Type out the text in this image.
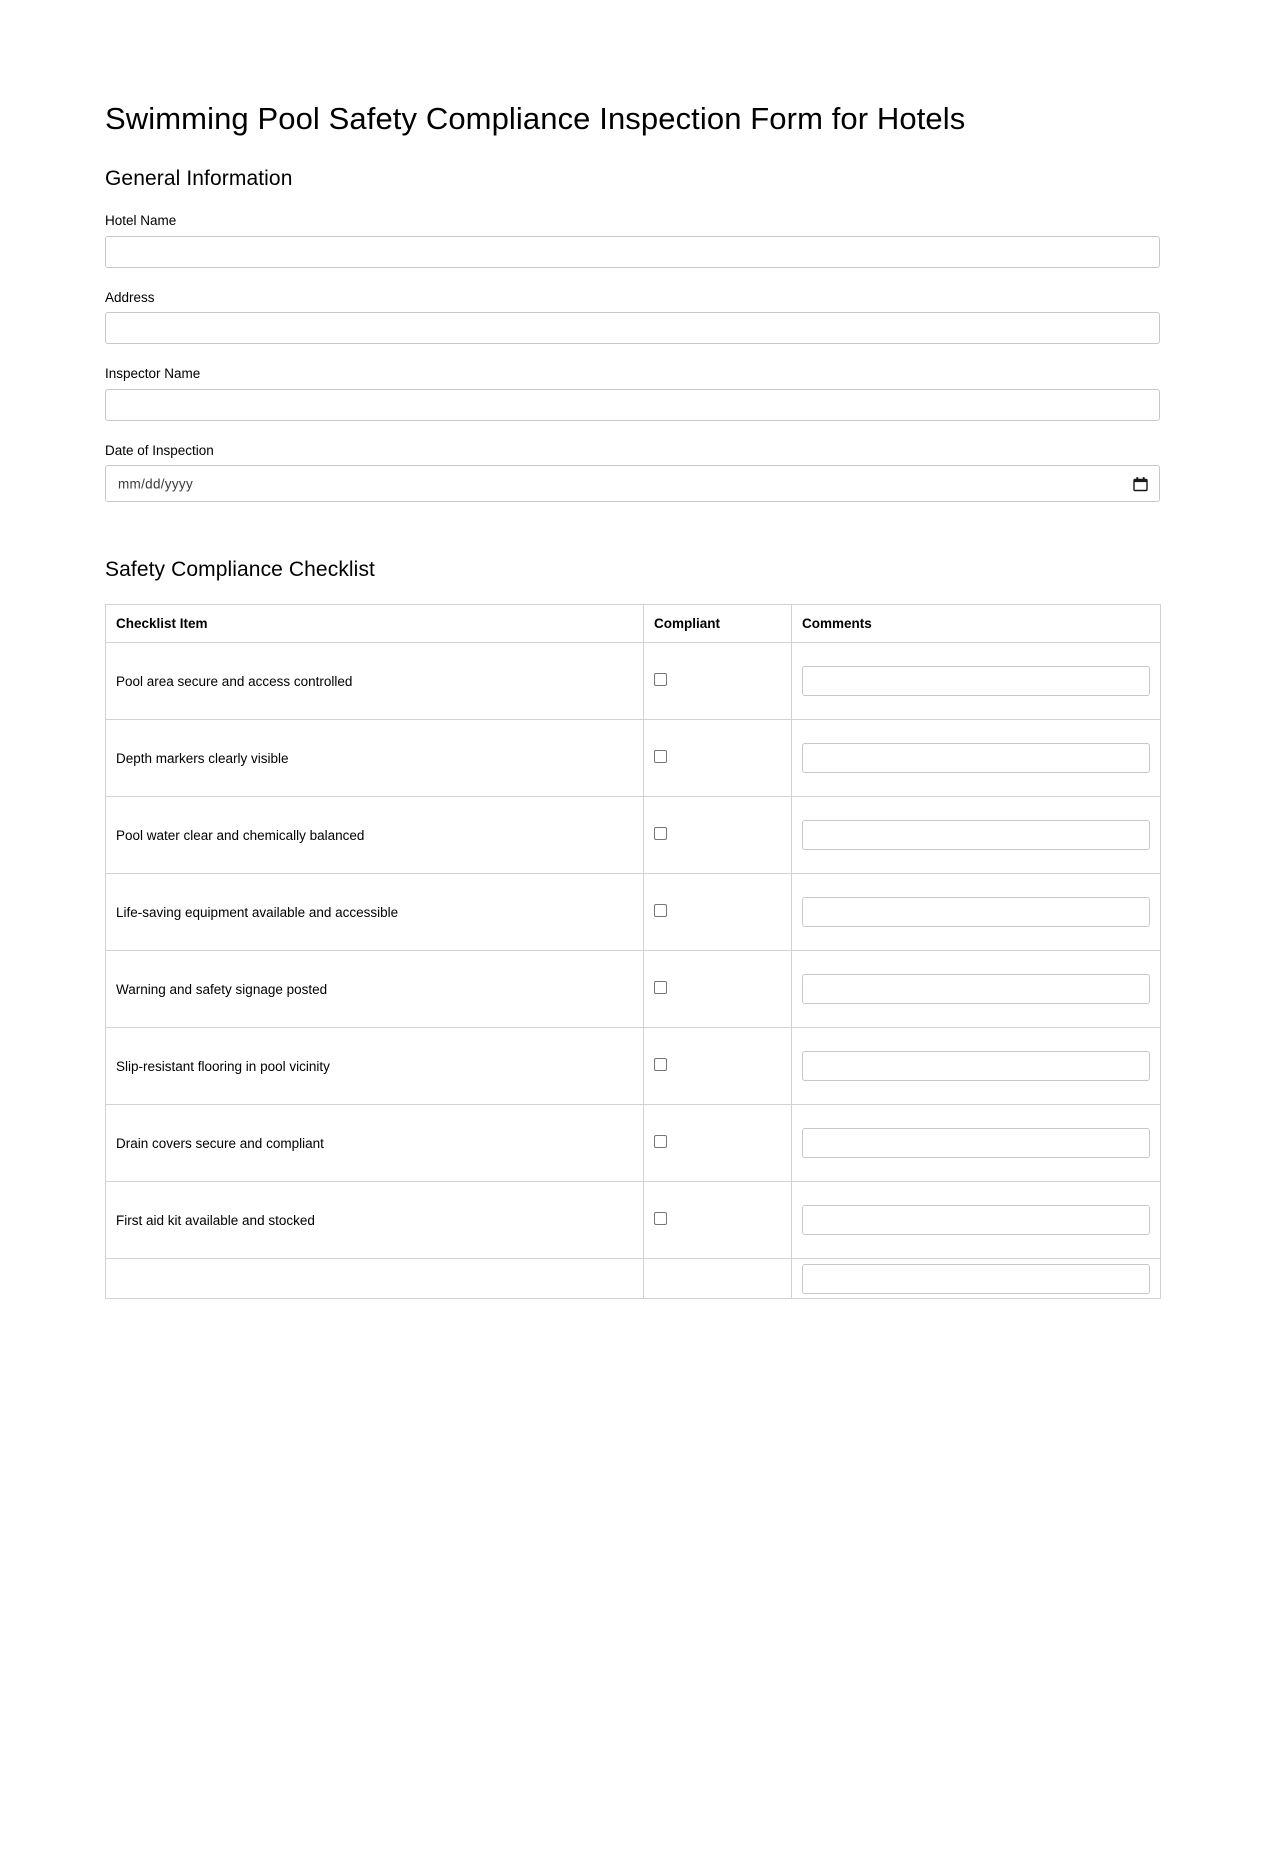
Swimming Pool Safety Compliance Inspection Form for Hotels
General Information
Hotel Name
Address
Inspector Name
Date of Inspection
mm/dd/yyyy
Safety Compliance Checklist
Checklist Item	Compliant	Comments
Pool area secure and access controlled		
Depth markers clearly visible		
Pool water clear and chemically balanced		
Life-saving equipment available and accessible		
Warning and safety signage posted		
Slip-resistant flooring in pool vicinity		
Drain covers secure and compliant		
First aid kit available and stocked		
